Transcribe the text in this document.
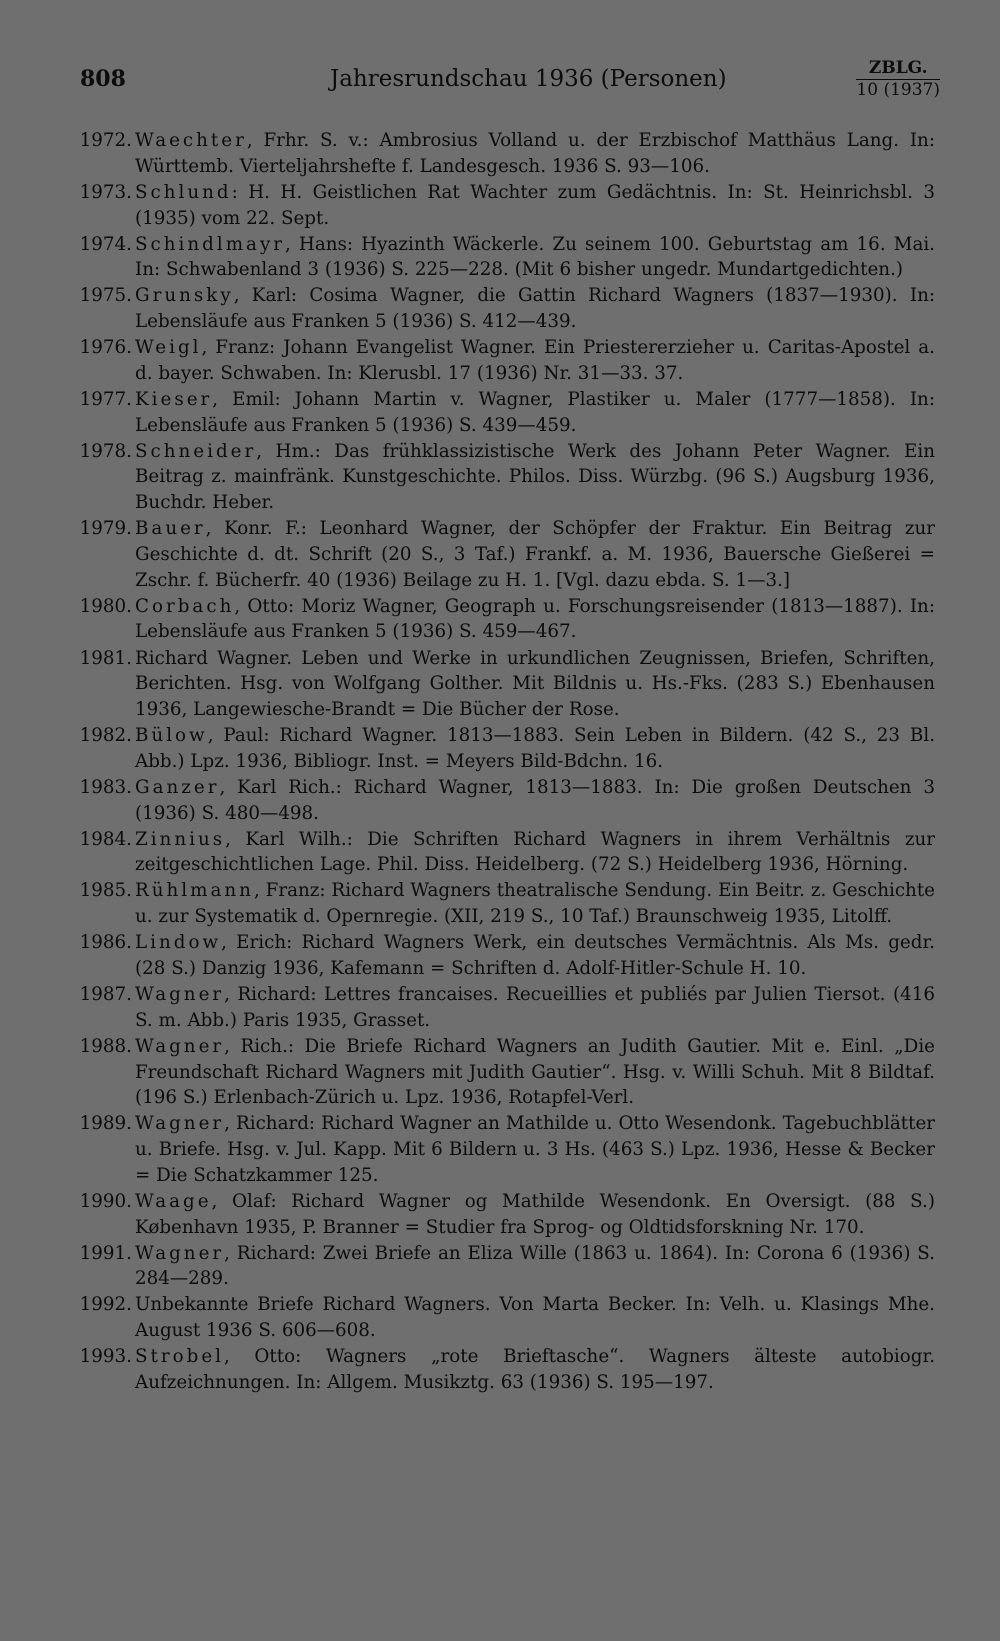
808	Jahresrundschau 1936 (Personen)	ZBLG.
10 (1937)
1972. Waechter, Frhr. S. v.: Ambrosius Volland u. der Erzbischof Matthäus Lang. In: Württemb. Vierteljahrshefte f. Landesgesch. 1936 S. 93—106.
1973. Schlund: H. H. Geistlichen Rat Wachter zum Gedächtnis. In: St. Heinrichsbl. 3 (1935) vom 22. Sept.
1974. Schindlmayr, Hans: Hyazinth Wäckerle. Zu seinem 100. Geburtstag am 16. Mai. In: Schwabenland 3 (1936) S. 225—228. (Mit 6 bisher ungedr. Mundartgedichten.)
1975. Grunsky, Karl: Cosima Wagner, die Gattin Richard Wagners (1837—1930). In: Lebensläufe aus Franken 5 (1936) S. 412—439.
1976. Weigl, Franz: Johann Evangelist Wagner. Ein Priestererzieher u. Caritas-Apostel a. d. bayer. Schwaben. In: Klerusbl. 17 (1936) Nr. 31—33. 37.
1977. Kieser, Emil: Johann Martin v. Wagner, Plastiker u. Maler (1777—1858). In: Lebensläufe aus Franken 5 (1936) S. 439—459.
1978. Schneider, Hm.: Das frühklassizistische Werk des Johann Peter Wagner. Ein Beitrag z. mainfränk. Kunstgeschichte. Philos. Diss. Würzbg. (96 S.) Augsburg 1936, Buchdr. Heber.
1979. Bauer, Konr. F.: Leonhard Wagner, der Schöpfer der Fraktur. Ein Beitrag zur Geschichte d. dt. Schrift (20 S., 3 Taf.) Frankf. a. M. 1936, Bauersche Gießerei = Zschr. f. Bücherfr. 40 (1936) Beilage zu H. 1. [Vgl. dazu ebda. S. 1—3.]
1980. Corbach, Otto: Moriz Wagner, Geograph u. Forschungsreisender (1813—1887). In: Lebensläufe aus Franken 5 (1936) S. 459—467.
1981. Richard Wagner. Leben und Werke in urkundlichen Zeugnissen, Briefen, Schriften, Berichten. Hsg. von Wolfgang Golther. Mit Bildnis u. Hs.-Fks. (283 S.) Ebenhausen 1936, Langewiesche-Brandt = Die Bücher der Rose.
1982. Bülow, Paul: Richard Wagner. 1813—1883. Sein Leben in Bildern. (42 S., 23 Bl. Abb.) Lpz. 1936, Bibliogr. Inst. = Meyers Bild-Bdchn. 16.
1983. Ganzer, Karl Rich.: Richard Wagner, 1813—1883. In: Die großen Deutschen 3 (1936) S. 480—498.
1984. Zinnius, Karl Wilh.: Die Schriften Richard Wagners in ihrem Verhältnis zur zeitgeschichtlichen Lage. Phil. Diss. Heidelberg. (72 S.) Heidelberg 1936, Hörning.
1985. Rühlmann, Franz: Richard Wagners theatralische Sendung. Ein Beitr. z. Geschichte u. zur Systematik d. Opernregie. (XII, 219 S., 10 Taf.) Braunschweig 1935, Litolff.
1986. Lindow, Erich: Richard Wagners Werk, ein deutsches Vermächtnis. Als Ms. gedr. (28 S.) Danzig 1936, Kafemann = Schriften d. Adolf-Hitler-Schule H. 10.
1987. Wagner, Richard: Lettres francaises. Recueillies et publiés par Julien Tiersot. (416 S. m. Abb.) Paris 1935, Grasset.
1988. Wagner, Rich.: Die Briefe Richard Wagners an Judith Gautier. Mit e. Einl. „Die Freundschaft Richard Wagners mit Judith Gautier“. Hsg. v. Willi Schuh. Mit 8 Bildtaf. (196 S.) Erlenbach-Zürich u. Lpz. 1936, Rotapfel-Verl.
1989. Wagner, Richard: Richard Wagner an Mathilde u. Otto Wesendonk. Tagebuchblätter u. Briefe. Hsg. v. Jul. Kapp. Mit 6 Bildern u. 3 Hs. (463 S.) Lpz. 1936, Hesse & Becker = Die Schatzkammer 125.
1990. Waage, Olaf: Richard Wagner og Mathilde Wesendonk. En Oversigt. (88 S.) København 1935, P. Branner = Studier fra Sprog- og Oldtidsforskning Nr. 170.
1991. Wagner, Richard: Zwei Briefe an Eliza Wille (1863 u. 1864). In: Corona 6 (1936) S. 284—289.
1992. Unbekannte Briefe Richard Wagners. Von Marta Becker. In: Velh. u. Klasings Mhe. August 1936 S. 606—608.
1993. Strobel, Otto: Wagners „rote Brieftasche“. Wagners älteste autobiogr. Aufzeichnungen. In: Allgem. Musikztg. 63 (1936) S. 195—197.
